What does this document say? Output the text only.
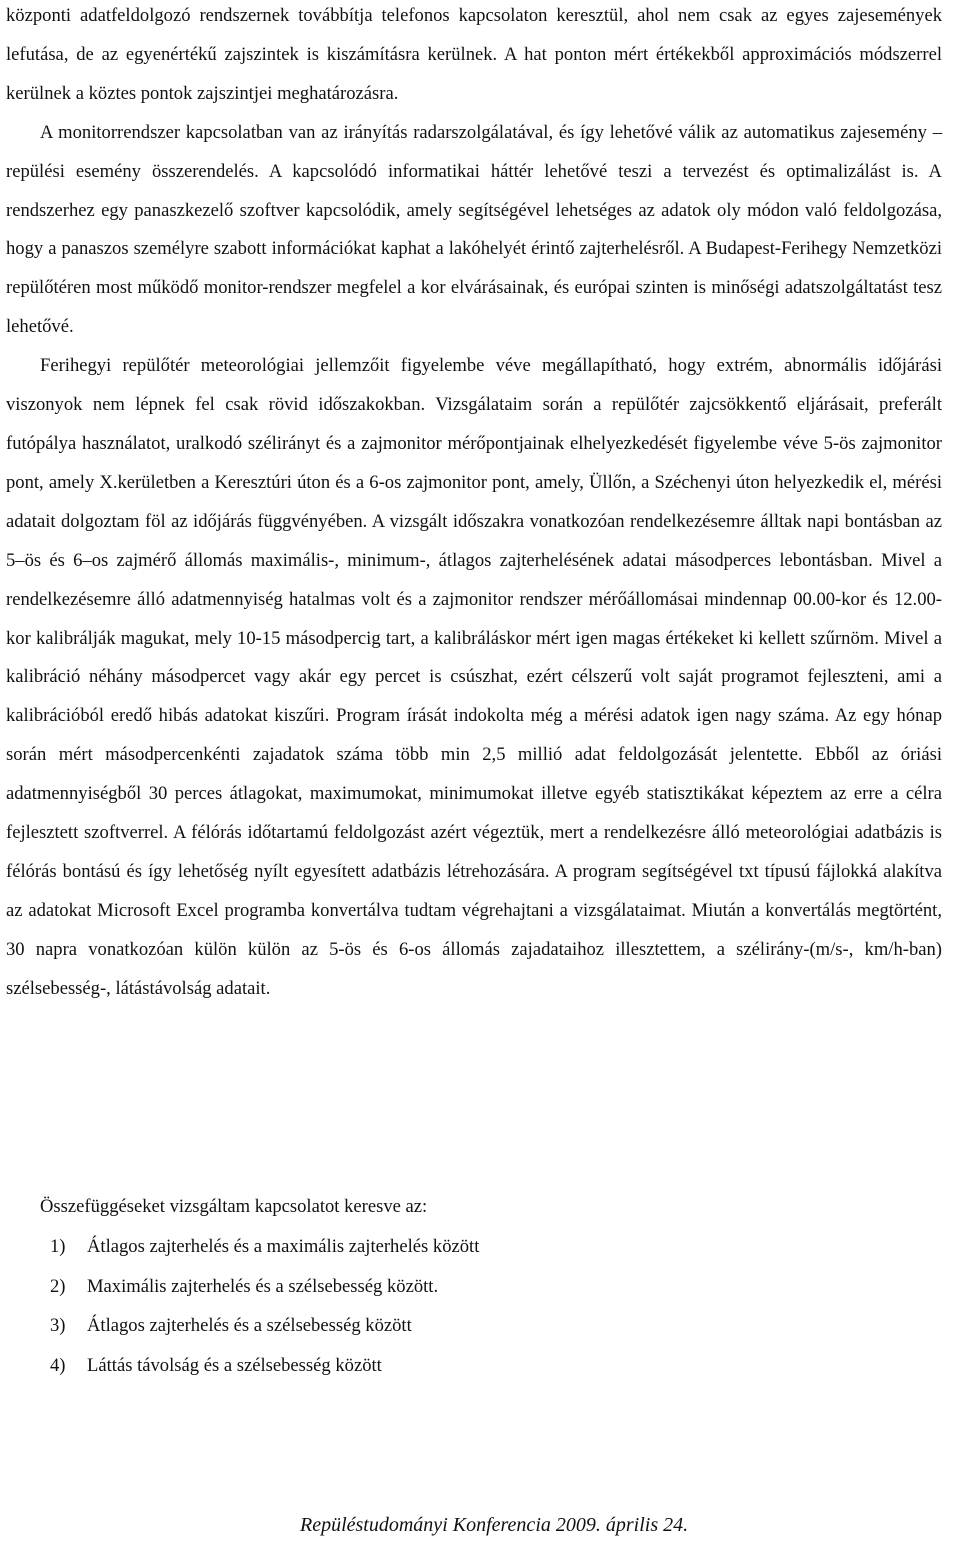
központi adatfeldolgozó rendszernek továbbítja telefonos kapcsolaton keresztül, ahol nem csak az egyes zajesemények lefutása, de az egyenértékű zajszintek is kiszámításra kerülnek. A hat ponton mért értékekből approximációs módszerrel kerülnek a köztes pontok zajszintjei meghatározásra.

A monitorrendszer kapcsolatban van az irányítás radarszolgálatával, és így lehetővé válik az automatikus zajesemény – repülési esemény összerendelés. A kapcsolódó informatikai háttér lehetővé teszi a tervezést és optimalizálást is. A rendszerhez egy panaszkezelő szoftver kapcsolódik, amely segítségével lehetséges az adatok oly módon való feldolgozása, hogy a panaszos személyre szabott információkat kaphat a lakóhelyét érintő zajterhelésről. A Budapest-Ferihegy Nemzetközi repülőtéren most működő monitor-rendszer megfelel a kor elvárásainak, és európai szinten is minőségi adatszolgáltatást tesz lehetővé.

Ferihegyi repülőtér meteorológiai jellemzőit figyelembe véve megállapítható, hogy extrém, abnormális időjárási viszonyok nem lépnek fel csak rövid időszakokban. Vizsgálataim során a repülőtér zajcsökkentő eljárásait, preferált futópálya használatot, uralkodó szélirányt és a zajmonitor mérőpontjainak elhelyezkedését figyelembe véve 5-ös zajmonitor pont, amely X.kerületben a Keresztúri úton és a 6-os zajmonitor pont, amely, Üllőn, a Széchenyi úton helyezkedik el, mérési adatait dolgoztam föl az időjárás függvényében. A vizsgált időszakra vonatkozóan rendelkezésemre álltak napi bontásban az 5–ös és 6–os zajmérő állomás maximális-, minimum-, átlagos zajterhelésének adatai másodperces lebontásban. Mivel a rendelkezésemre álló adatmennyiség hatalmas volt és a zajmonitor rendszer mérőállomásai mindennap 00.00-kor és 12.00-kor kalibrálják magukat, mely 10-15 másodpercig tart, a kalibráláskor mért igen magas értékeket ki kellett szűrnöm. Mivel a kalibráció néhány másodpercet vagy akár egy percet is csúszhat, ezért célszerű volt saját programot fejleszteni, ami a kalibrációból eredő hibás adatokat kiszűri. Program írását indokolta még a mérési adatok igen nagy száma. Az egy hónap során mért másodpercenkénti zajadatok száma több min 2,5 millió adat feldolgozását jelentette. Ebből az óriási adatmennyiségből 30 perces átlagokat, maximumokat, minimumokat illetve egyéb statisztikákat képeztem az erre a célra fejlesztett szoftverrel. A félórás időtartamú feldolgozást azért végeztük, mert a rendelkezésre álló meteorológiai adatbázis is félórás bontású és így lehetőség nyílt egyesített adatbázis létrehozására. A program segítségével txt típusú fájlokká alakítva az adatokat Microsoft Excel programba konvertálva tudtam végrehajtani a vizsgálataimat. Miután a konvertálás megtörtént, 30 napra vonatkozóan külön külön az 5-ös és 6-os állomás zajadataihoz illesztettem, a szélirány-(m/s-, km/h-ban) szélsebesség-, látástávolság adatait.

Összefüggéseket vizsgáltam kapcsolatot keresve az:

1)	Átlagos zajterhelés és a maximális zajterhelés között
2)	Maximális zajterhelés és a szélsebesség között.
3)	Átlagos zajterhelés és a szélsebesség között
4)	Láttás távolság és a szélsebesség között
Repüléstudományi Konferencia 2009. április 24.
